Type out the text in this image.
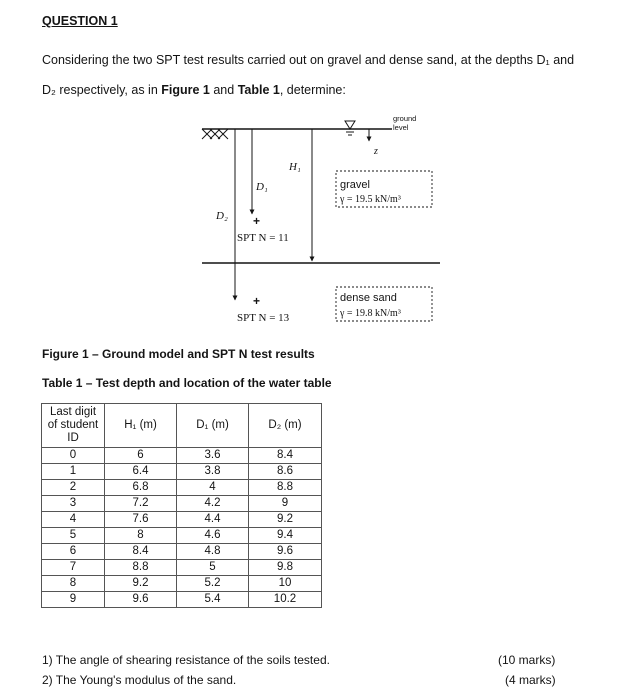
QUESTION 1
Considering the two SPT test results carried out on gravel and dense sand, at the depths D₁ and
D₂ respectively, as in Figure 1 and Table 1, determine:
ground
level
z
H₁
D₁
D₂ +
SPT N = 11
+
SPT N = 13
gravel
γ = 19.5 kN/m³
dense sand
γ = 19.8 kN/m³
Figure 1 – Ground model and SPT N test results
Table 1 – Test depth and location of the water table
Last digit
of student
ID	H₁ (m)	D₁ (m)	D₂ (m)
0	6	3.6	8.4
1	6.4	3.8	8.6
2	6.8	4	8.8
3	7.2	4.2	9
4	7.6	4.4	9.2
5	8	4.6	9.4
6	8.4	4.8	9.6
7	8.8	5	9.8
8	9.2	5.2	10
9	9.6	5.4	10.2
1) The angle of shearing resistance of the soils tested.	(10 marks)
2) The Young's modulus of the sand.	(4 marks)
